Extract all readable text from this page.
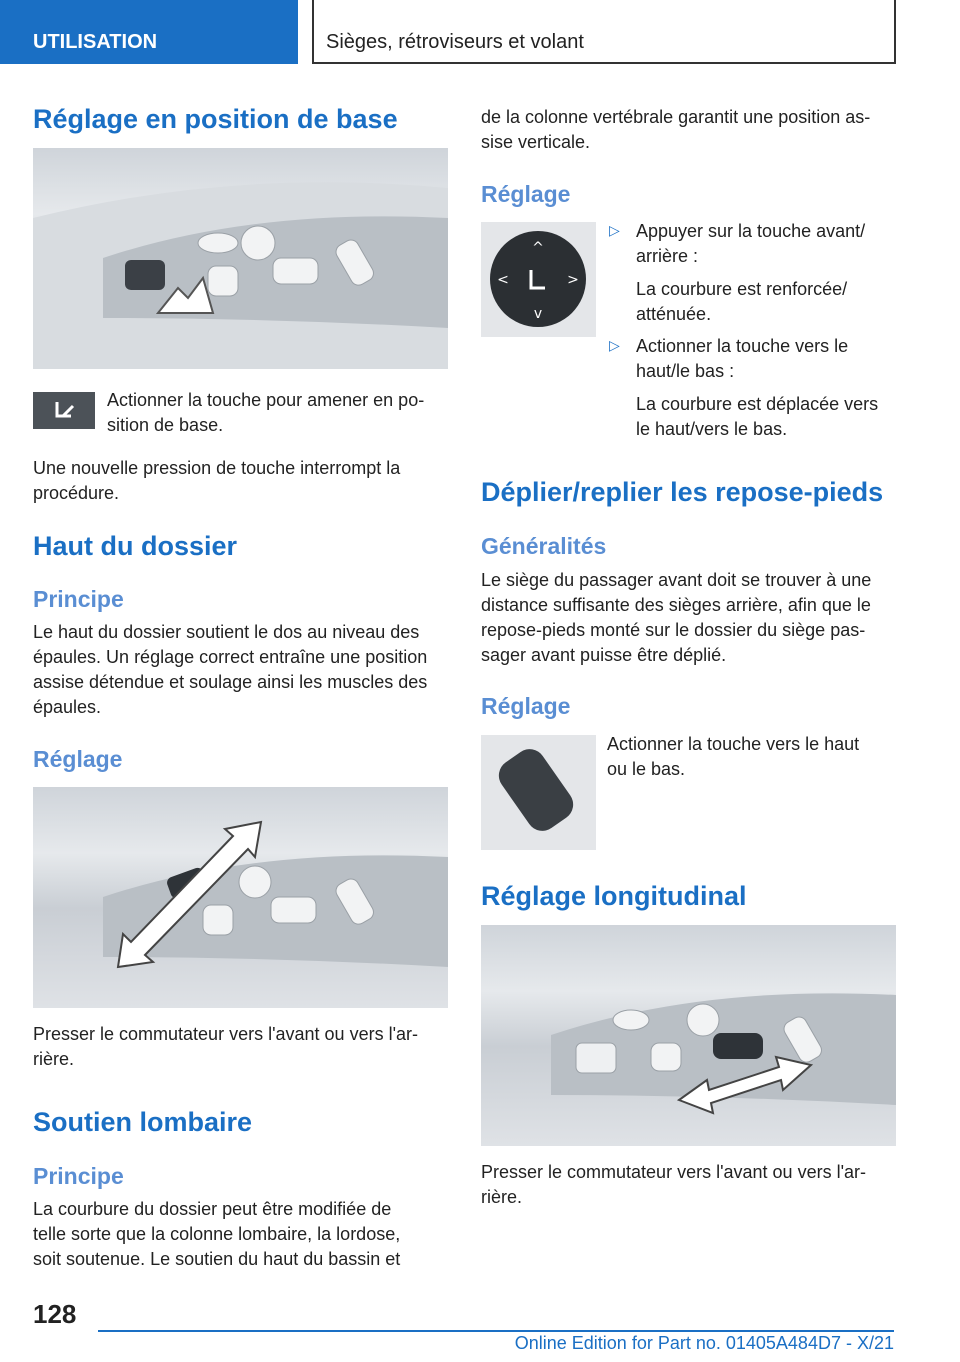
UTILISATION	Sièges, rétroviseurs et volant
Réglage en position de base

Actionner la touche pour amener en po-

sition de base.

Une nouvelle pression de touche interrompt la

procédure.

Haut du dossier
Principe

Le haut du dossier soutient le dos au niveau des

épaules. Un réglage correct entraîne une position

assise détendue et soulage ainsi les muscles des

épaules.

Réglage

Presser le commutateur vers l'avant ou vers l'ar-

rière.

Soutien lombaire
Principe

La courbure du dossier peut être modifiée de

telle sorte que la colonne lombaire, la lordose,

soit soutenue. Le soutien du haut du bassin et

de la colonne vertébrale garantit une position as-

sise verticale.

Réglage
^
v
<	>
▷ Appuyer sur la touche avant/

arrière :

La courbure est renforcée/

atténuée.

▷ Actionner la touche vers le

haut/le bas :

La courbure est déplacée vers

le haut/vers le bas.

Déplier/replier les repose-pieds
Généralités

Le siège du passager avant doit se trouver à une

distance suffisante des sièges arrière, afin que le

repose-pieds monté sur le dossier du siège pas-

sager avant puisse être déplié.

Réglage

Actionner la touche vers le haut

ou le bas.

Réglage longitudinal

Presser le commutateur vers l'avant ou vers l'ar-

rière.

128
Online Edition for Part no. 01405A484D7 - X/21
